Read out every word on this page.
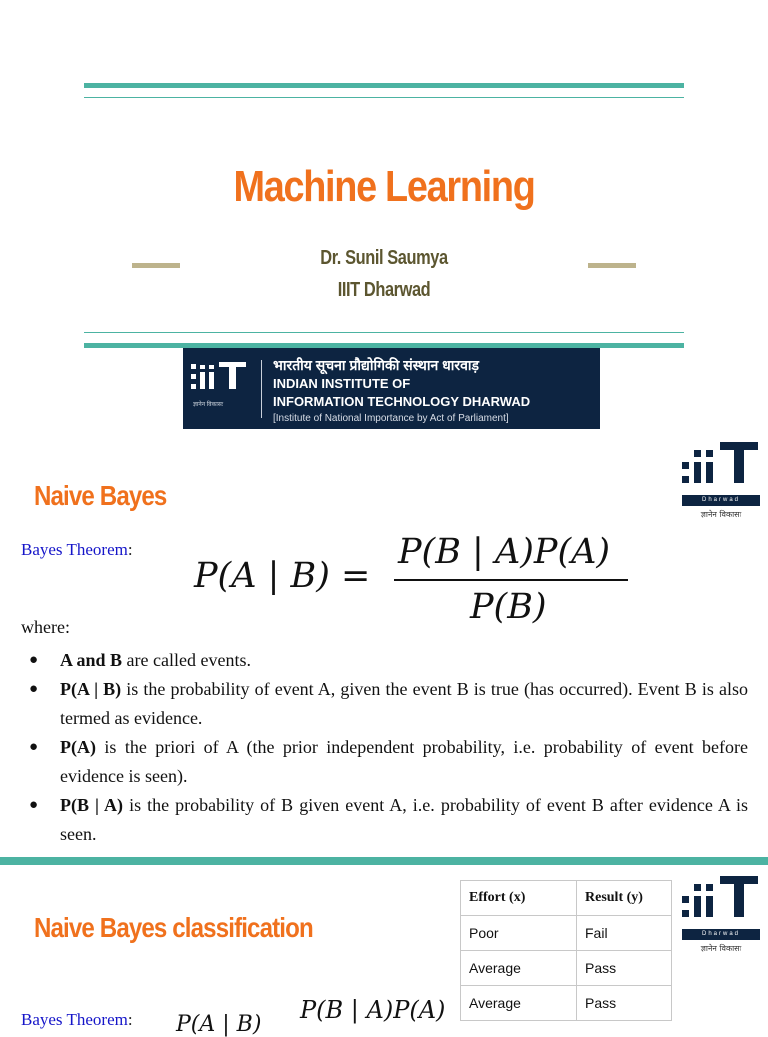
Machine Learning
Dr. Sunil Saumya
IIIT Dharwad
ज्ञानेन विकासः
भारतीय सूचना प्रौद्योगिकी संस्थान धारवाड़
INDIAN INSTITUTE OF
INFORMATION TECHNOLOGY DHARWAD
[Institute of National Importance by Act of Parliament]
Naive Bayes	Dharwad
ज्ञानेन विकासः
Bayes Theorem:
P(A | B) =
P(B | A)P(A)
P(B)
where:
● A and B are called events.
● P(A | B) is the probability of event A, given the event B is true (has occurred). Event B is also termed as evidence.
● P(A) is the priori of A (the prior independent probability, i.e. probability of event before evidence is seen).
● P(B | A) is the probability of B given event A, i.e. probability of event B after evidence A is seen.
Naive Bayes classification
Effort (x)	Result (y)
Poor	Fail
Average	Pass
Average	Pass
Dharwad
ज्ञानेन विकासः
Bayes Theorem: P(A | B)
P(B | A)P(A)
